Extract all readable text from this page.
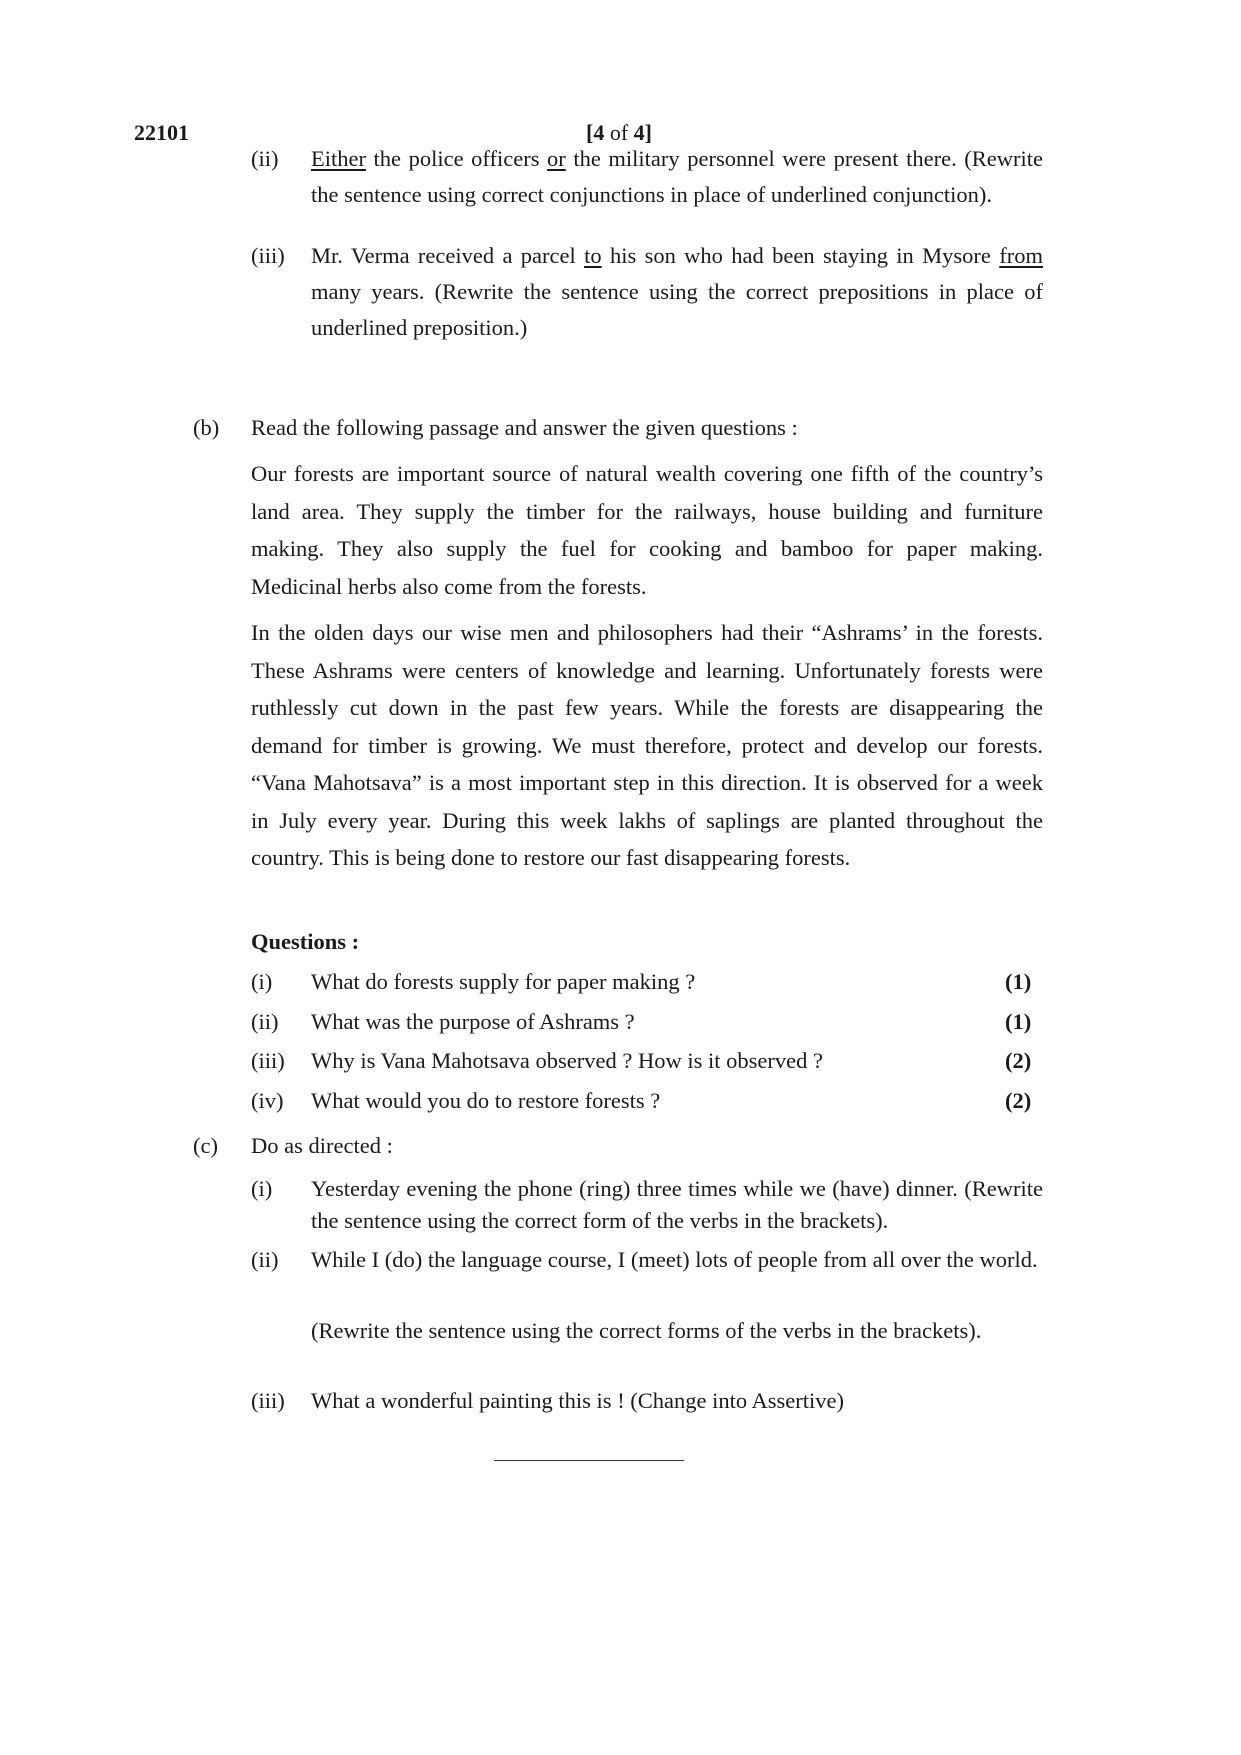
22101	[4 of 4]
(ii) Either the police officers or the military personnel were present there. (Rewrite the sentence using correct conjunctions in place of underlined conjunction).
(iii) Mr. Verma received a parcel to his son who had been staying in Mysore from many years. (Rewrite the sentence using the correct prepositions in place of underlined preposition.)
(b) Read the following passage and answer the given questions :
Our forests are important source of natural wealth covering one fifth of the country’s land area. They supply the timber for the railways, house building and furniture making. They also supply the fuel for cooking and bamboo for paper making. Medicinal herbs also come from the forests.
In the olden days our wise men and philosophers had their “Ashrams’ in the forests. These Ashrams were centers of knowledge and learning. Unfortunately forests were ruthlessly cut down in the past few years. While the forests are disappearing the demand for timber is growing. We must therefore, protect and develop our forests. “Vana Mahotsava” is a most important step in this direction. It is observed for a week in July every year. During this week lakhs of saplings are planted throughout the country. This is being done to restore our fast disappearing forests.
Questions :
(i) What do forests supply for paper making ?	(1)
(ii) What was the purpose of Ashrams ?	(1)
(iii) Why is Vana Mahotsava observed ? How is it observed ?	(2)
(iv) What would you do to restore forests ?	(2)
(c) Do as directed :
(i) Yesterday evening the phone (ring) three times while we (have) dinner. (Rewrite the sentence using the correct form of the verbs in the brackets).
(ii) While I (do) the language course, I (meet) lots of people from all over the world.
(Rewrite the sentence using the correct forms of the verbs in the brackets).
(iii) What a wonderful painting this is ! (Change into Assertive)
